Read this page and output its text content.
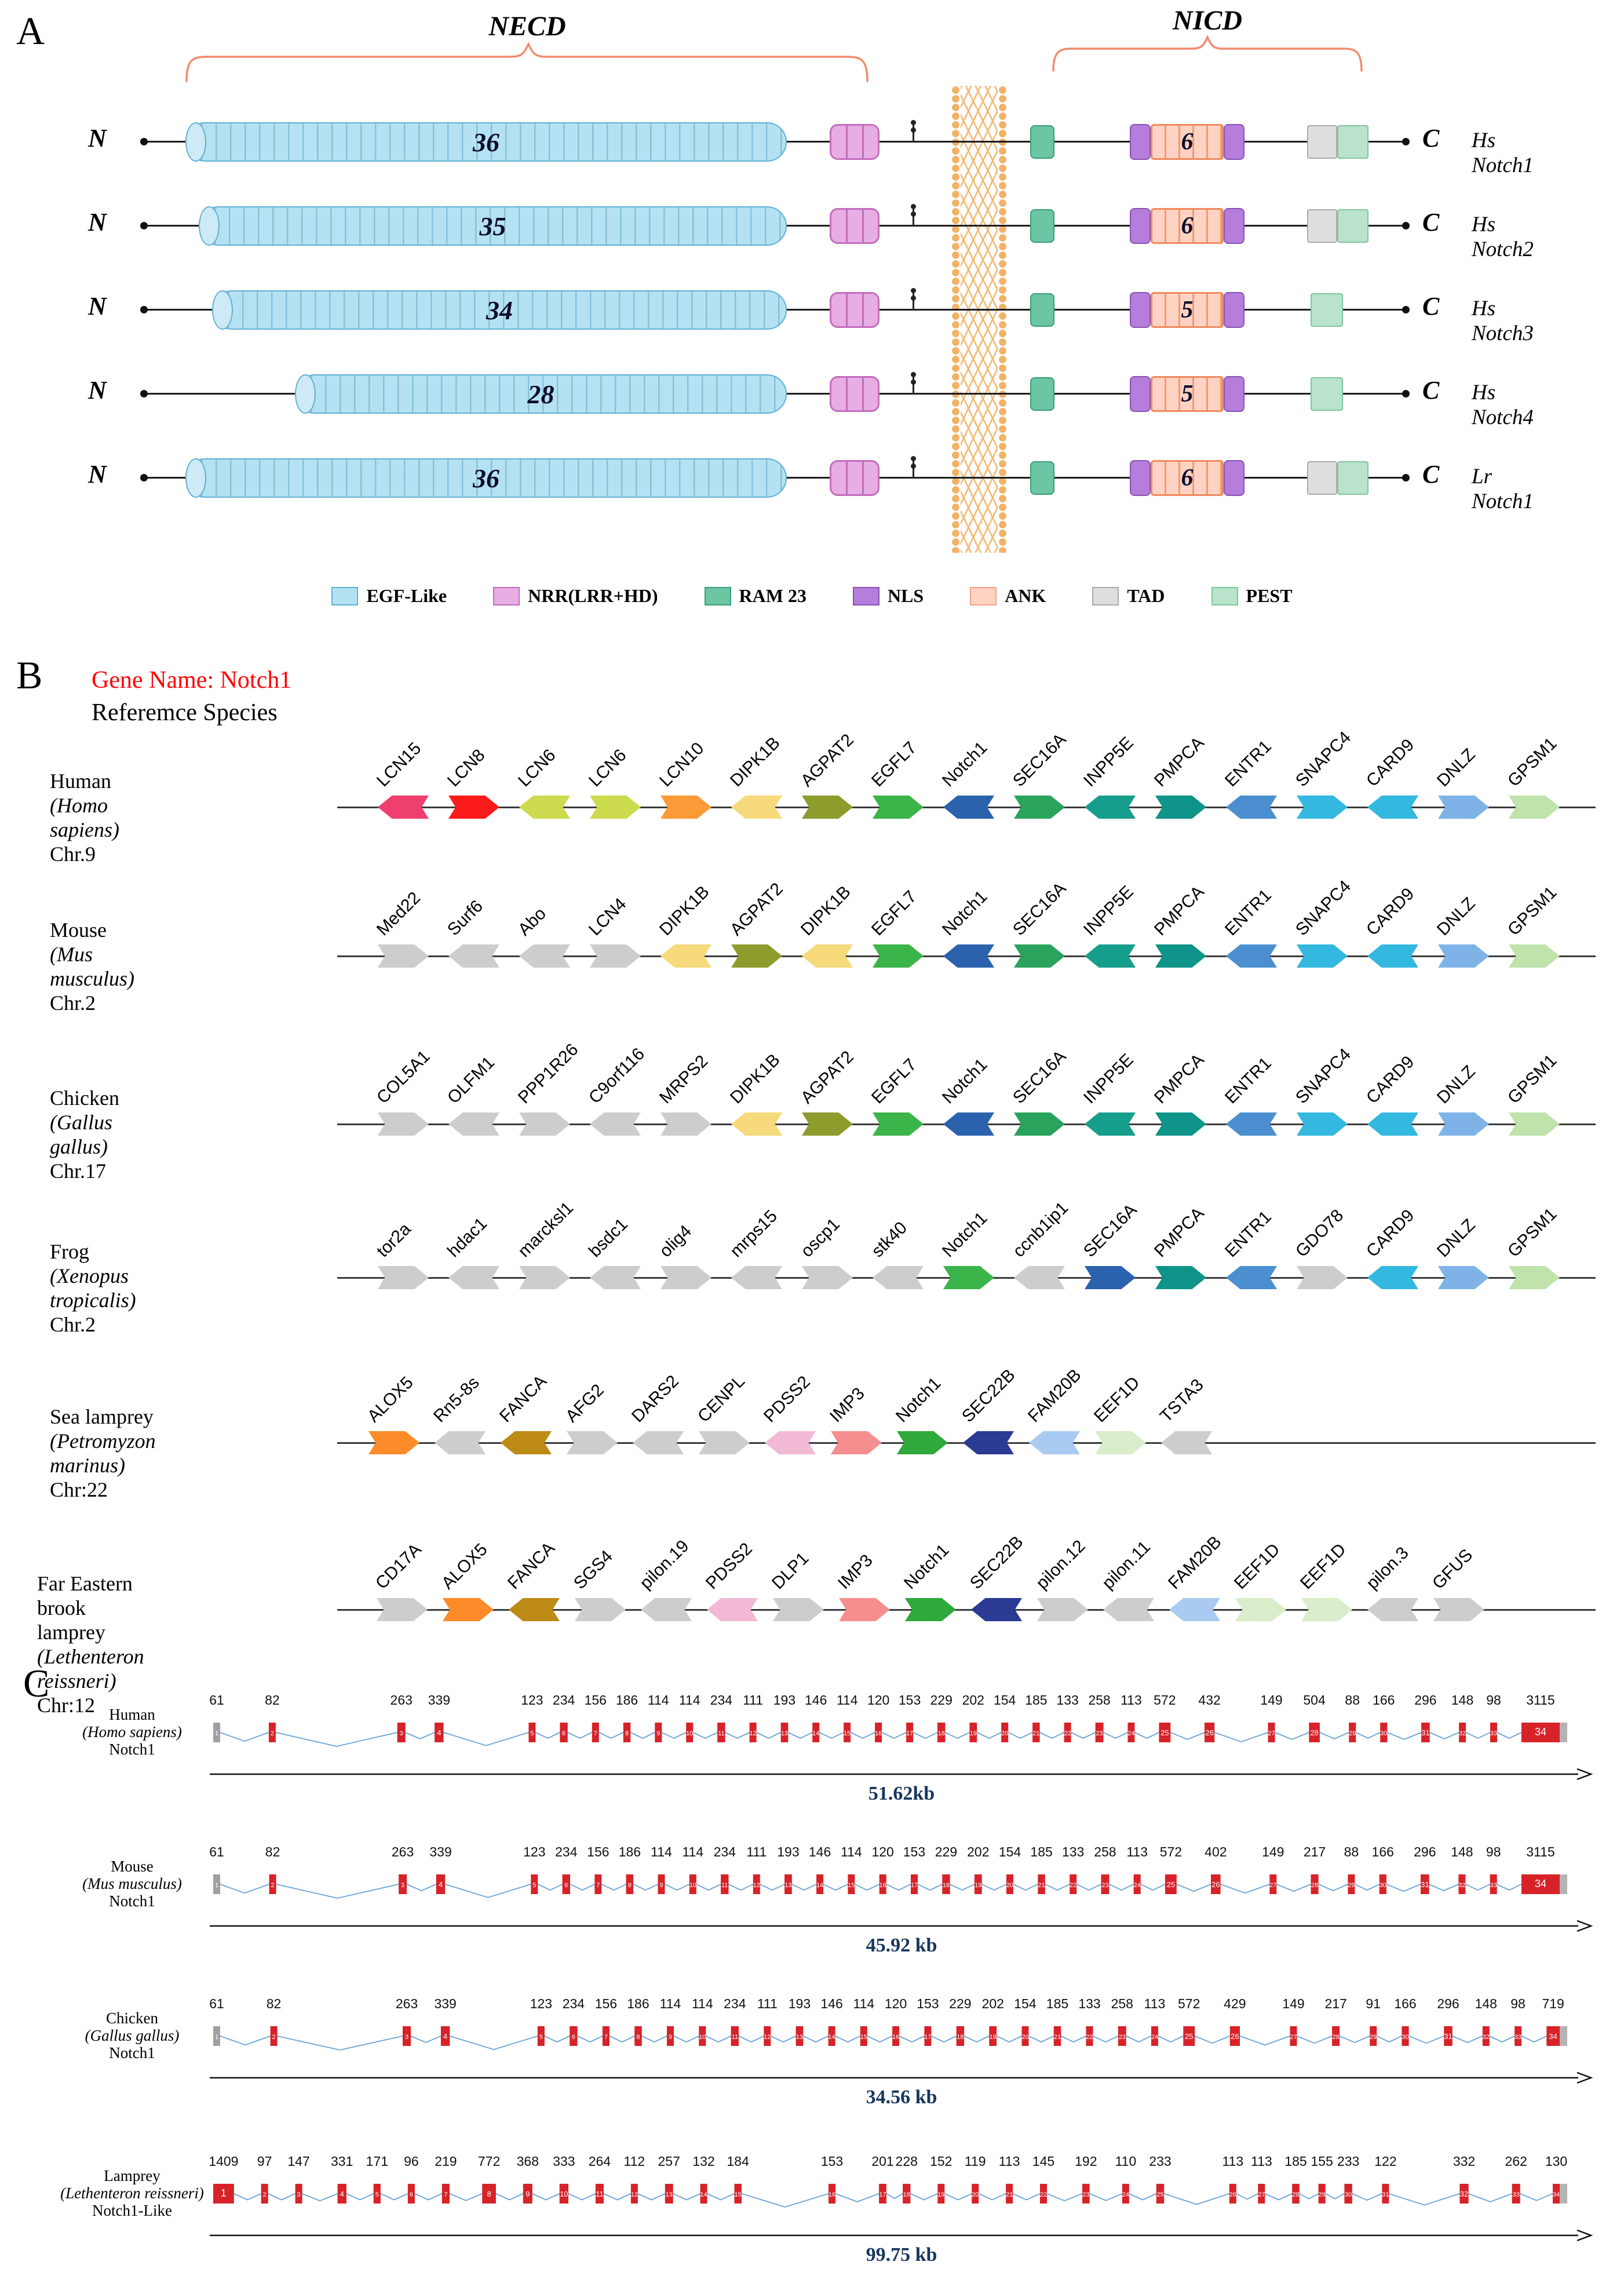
A	NECD	NICD
N	C Hs Notch1
36	6
N	C Hs Notch2
35	6
N	C Hs Notch3
34	5
N	C Hs Notch4
28	5
N	C Lr Notch1
36	6
EGF-Like	NRR(LRR+HD)	RAM 23	NLS	ANK	TAD	PEST
B Gene Name: Notch1
Referemce Species
Human
(Homo sapiens)
Chr.9
LCN15 LCN8 LCN6 LCN6 LCN10 DIPK1B AGPAT2 EGFL7 Notch1 SEC16A INPP5E PMPCA ENTR1 SNAPC4 CARD9 DNLZ GPSM1
Mouse
(Mus musculus)
Chr.2
Med22 Surf6 Abo LCN4 DIPK1B AGPAT2 DIPK1B EGFL7 Notch1 SEC16A INPP5E PMPCA ENTR1 SNAPC4 CARD9 DNLZ GPSM1
Chicken
(Gallus gallus)
Chr.17
COL5A1 OLFM1 PPP1R26 C9orf116 MRPS2 DIPK1B AGPAT2 EGFL7 Notch1 SEC16A INPP5E PMPCA ENTR1 SNAPC4 CARD9 DNLZ GPSM1
Frog
(Xenopus tropicalis)
Chr.2
tor2a hdac1 marcksl1 bsdc1 olig4 mrps15 oscp1 stk40 Notch1 ccnb1ip1 SEC16A PMPCA ENTR1 GDO78 CARD9 DNLZ GPSM1
Sea lamprey
(Petromyzon marinus)
Chr:22
ALOX5 Rn5-8s FANCA AFG2 DARS2 CENPL PDSS2 IMP3 Notch1 SEC22B FAM20B EEF1D TSTA3
Far Eastern brook lamprey
(Lethenteron reissneri)
Chr:12
CD17A ALOX5 FANCA SGS4 pilon.19 PDSS2 DLP1 IMP3 Notch1 SEC22B pilon.12 pilon.11 FAM20B EEF1D EEF1D pilon.3 GFUS
C
Human
(Homo sapiens)
Notch1
61
1
82
2
263
3
339
4
123
5
234
6
156
7
186
8
114
9
114
10
234
11
111
12
193
13
146
14
114
15
120
16
153
17
229
18
202
19
154
20
185
21
133
22
258
23
113
24
572
25
432
26
149
27
504
28
88
29
166
30
296
31
148
32
98
33
3115
34
51.62kb
Mouse
(Mus musculus)
Notch1
61
1
82
2
263
3
339
4
123
5
234
6
156
7
186
8
114
9
114
10
234
11
111
12
193
13
146
14
114
15
120
16
153
17
229
18
202
19
154
20
185
21
133
22
258
23
113
24
572
25
402
26
149
27
217
28
88
29
166
30
296
31
148
32
98
33
3115
34
45.92 kb
Chicken
(Gallus gallus)
Notch1
61
1
82
2
263
3
339
4
123
5
234
6
156
7
186
8
114
9
114
10
234
11
111
12
193
13
146
14
114
15
120
16
153
17
229
18
202
19
154
20
185
21
133
22
258
23
113
24
572
25
429
26
149
27
217
28
91
29
166
30
296
31
148
32
98
33
719
34
34.56 kb
Lamprey
(Lethenteron reissneri)
Notch1-Like
1409
1
97
2
147
3
331
4
171
5
96
6
219
7
772
8
368
9
333
10
264
11
112
12
257
13
132
14
184
15
153
16
201
17
228
18
152
19
119
20
113
21
145
22
192
23
110
24
233
25
113
26
113
27
185
28
155
29
233
30
122
31
332
32
262
33
130
34
99.75 kb
